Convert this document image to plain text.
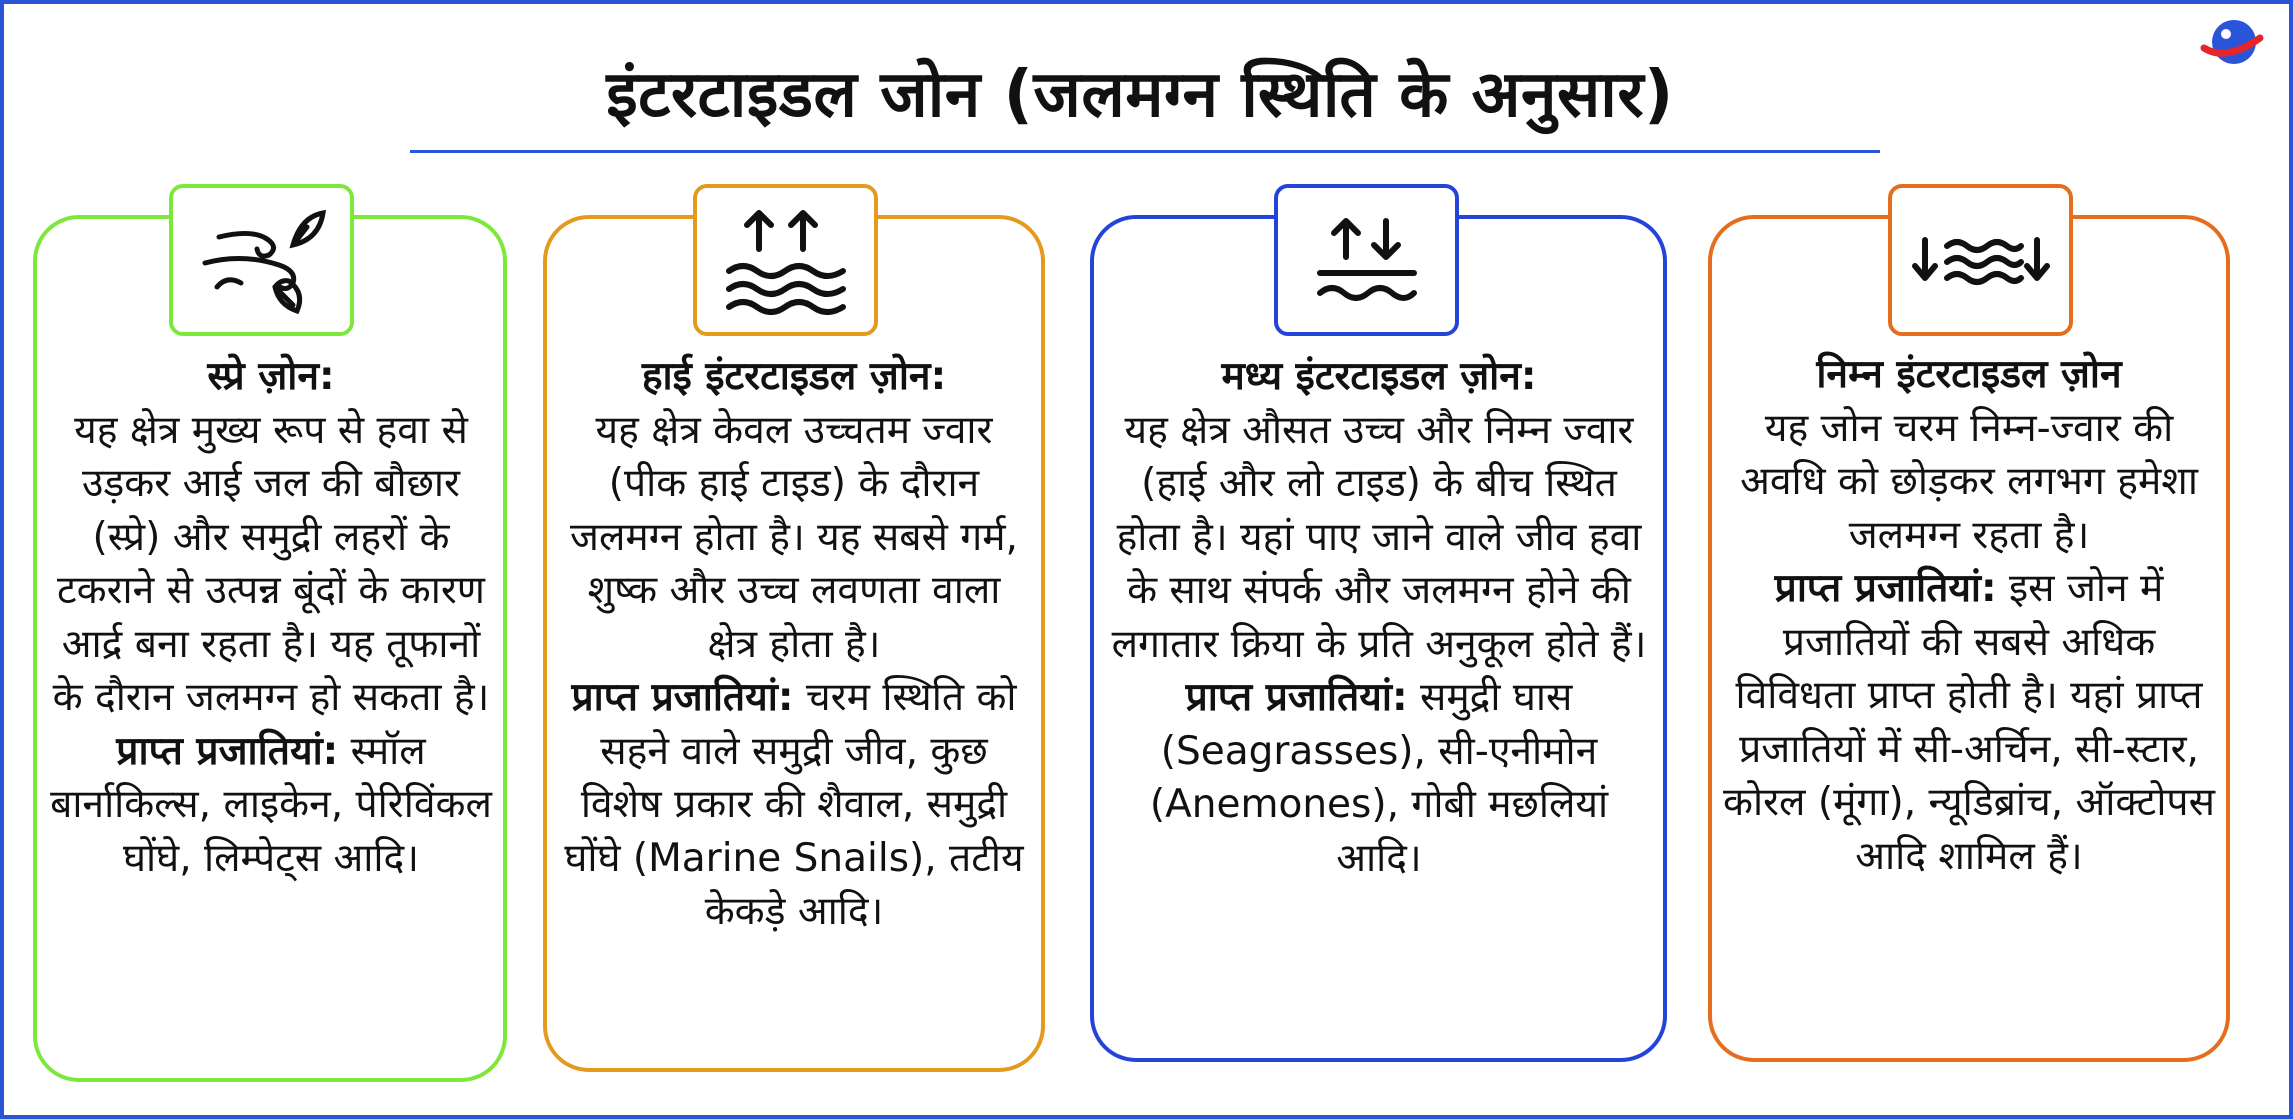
इंटरटाइडल जोन (जलमग्न स्थिति के अनुसार)
स्प्रे ज़ोन:
यह क्षेत्र मुख्य रूप से हवा से उड़कर आई जल की बौछार (स्प्रे) और समुद्री लहरों के टकराने से उत्पन्न बूंदों के कारण आर्द्र बना रहता है। यह तूफानों के दौरान जलमग्न हो सकता है।
प्राप्त प्रजातियां: स्मॉल बार्नाकिल्स, लाइकेन, पेरिविंकल घोंघे, लिम्पेट्स आदि।
हाई इंटरटाइडल ज़ोन:
यह क्षेत्र केवल उच्चतम ज्वार (पीक हाई टाइड) के दौरान जलमग्न होता है। यह सबसे गर्म, शुष्क और उच्च लवणता वाला क्षेत्र होता है।
प्राप्त प्रजातियां: चरम स्थिति को सहने वाले समुद्री जीव, कुछ विशेष प्रकार की शैवाल, समुद्री घोंघे (Marine Snails), तटीय केकड़े आदि।
मध्य इंटरटाइडल ज़ोन:
यह क्षेत्र औसत उच्च और निम्न ज्वार (हाई और लो टाइड) के बीच स्थित होता है। यहां पाए जाने वाले जीव हवा के साथ संपर्क और जलमग्न होने की लगातार क्रिया के प्रति अनुकूल होते हैं।
प्राप्त प्रजातियां: समुद्री घास (Seagrasses), सी-एनीमोन (Anemones), गोबी मछलियां आदि।
निम्न इंटरटाइडल ज़ोन
यह जोन चरम निम्न-ज्वार की अवधि को छोड़कर लगभग हमेशा जलमग्न रहता है।
प्राप्त प्रजातियां: इस जोन में प्रजातियों की सबसे अधिक विविधता प्राप्त होती है। यहां प्राप्त प्रजातियों में सी-अर्चिन, सी-स्टार, कोरल (मूंगा), न्यूडिब्रांच, ऑक्टोपस आदि शामिल हैं।
